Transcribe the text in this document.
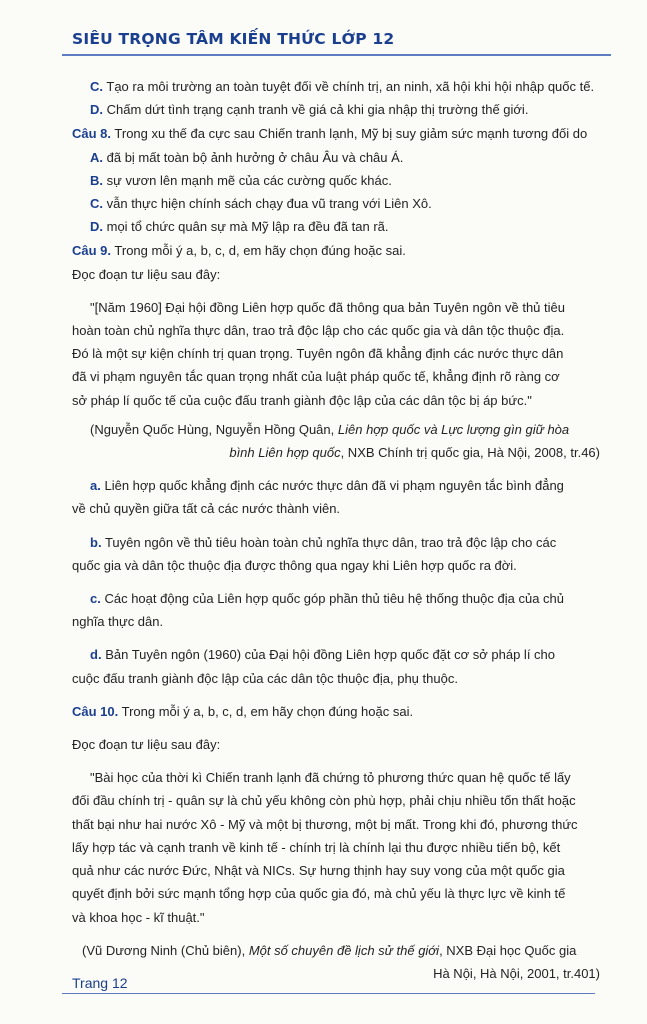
SIÊU TRỌNG TÂM KIẾN THỨC LỚP 12
C. Tạo ra môi trường an toàn tuyệt đối về chính trị, an ninh, xã hội khi hội nhập quốc tế.
D. Chấm dứt tình trạng cạnh tranh về giá cả khi gia nhập thị trường thế giới.
Câu 8. Trong xu thế đa cực sau Chiến tranh lạnh, Mỹ bị suy giảm sức mạnh tương đối do
A. đã bị mất toàn bộ ảnh hưởng ở châu Âu và châu Á.
B. sự vươn lên mạnh mẽ của các cường quốc khác.
C. vẫn thực hiện chính sách chạy đua vũ trang với Liên Xô.
D. mọi tổ chức quân sự mà Mỹ lập ra đều đã tan rã.
Câu 9. Trong mỗi ý a, b, c, d, em hãy chọn đúng hoặc sai.
Đọc đoạn tư liệu sau đây:
"[Năm 1960] Đại hội đồng Liên hợp quốc đã thông qua bản Tuyên ngôn về thủ tiêu
hoàn toàn chủ nghĩa thực dân, trao trả độc lập cho các quốc gia và dân tộc thuộc địa.
Đó là một sự kiện chính trị quan trọng. Tuyên ngôn đã khẳng định các nước thực dân
đã vi phạm nguyên tắc quan trọng nhất của luật pháp quốc tế, khẳng định rõ ràng cơ
sở pháp lí quốc tế của cuộc đấu tranh giành độc lập của các dân tộc bị áp bức."
(Nguyễn Quốc Hùng, Nguyễn Hồng Quân, Liên hợp quốc và Lực lượng gìn giữ hòa
bình Liên hợp quốc, NXB Chính trị quốc gia, Hà Nội, 2008, tr.46)
a. Liên hợp quốc khẳng định các nước thực dân đã vi phạm nguyên tắc bình đẳng
về chủ quyền giữa tất cả các nước thành viên.
b. Tuyên ngôn về thủ tiêu hoàn toàn chủ nghĩa thực dân, trao trả độc lập cho các
quốc gia và dân tộc thuộc địa được thông qua ngay khi Liên hợp quốc ra đời.
c. Các hoạt động của Liên hợp quốc góp phần thủ tiêu hệ thống thuộc địa của chủ
nghĩa thực dân.
d. Bản Tuyên ngôn (1960) của Đại hội đồng Liên hợp quốc đặt cơ sở pháp lí cho
cuộc đấu tranh giành độc lập của các dân tộc thuộc địa, phụ thuộc.
Câu 10. Trong mỗi ý a, b, c, d, em hãy chọn đúng hoặc sai.
Đọc đoạn tư liệu sau đây:
"Bài học của thời kì Chiến tranh lạnh đã chứng tỏ phương thức quan hệ quốc tế lấy
đối đầu chính trị - quân sự là chủ yếu không còn phù hợp, phải chịu nhiều tốn thất hoặc
thất bại như hai nước Xô - Mỹ và một bị thương, một bị mất. Trong khi đó, phương thức
lấy hợp tác và cạnh tranh về kinh tế - chính trị là chính lại thu được nhiều tiến bộ, kết
quả như các nước Đức, Nhật và NICs. Sự hưng thịnh hay suy vong của một quốc gia
quyết định bởi sức mạnh tổng hợp của quốc gia đó, mà chủ yếu là thực lực về kinh tế
và khoa học - kĩ thuật."
(Vũ Dương Ninh (Chủ biên), Một số chuyên đề lịch sử thế giới, NXB Đại học Quốc gia
Hà Nội, Hà Nội, 2001, tr.401)
Trang 12
